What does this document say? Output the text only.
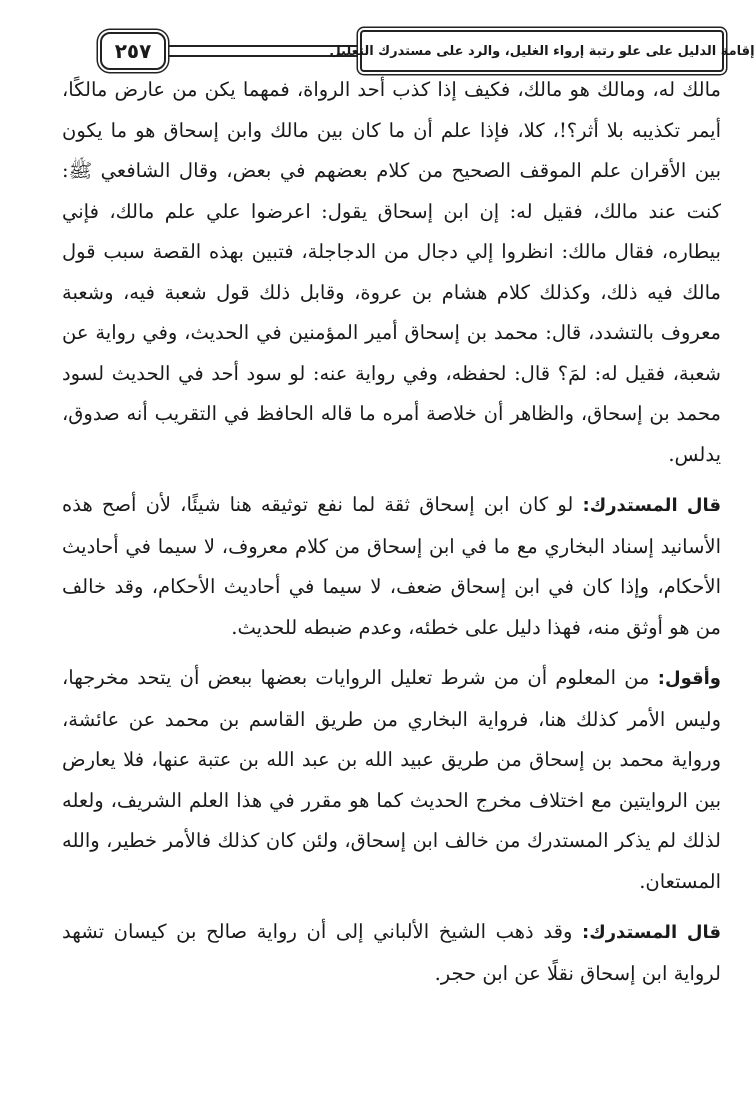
٢٥٧	إقامة الدليل على علو رتبة إرواء الغليل، والرد على مستدرك التعليل

مالك له، ومالك هو مالك، فكيف إذا كذب أحد الرواة، فمهما يكن من عارض مالكًا، أيمر تكذيبه بلا أثر؟!، كلا، فإذا علم أن ما كان بين مالك وابن إسحاق هو ما يكون بين الأقران علم الموقف الصحيح من كلام بعضهم في بعض، وقال الشافعي ﷺ: كنت عند مالك، فقيل له: إن ابن إسحاق يقول: اعرضوا علي علم مالك، فإني بيطاره، فقال مالك: انظروا إلي دجال من الدجاجلة، فتبين بهذه القصة سبب قول مالك فيه ذلك، وكذلك كلام هشام بن عروة، وقابل ذلك قول شعبة فيه، وشعبة معروف بالتشدد، قال: محمد بن إسحاق أمير المؤمنين في الحديث، وفي رواية عن شعبة، فقيل له: لمَ؟ قال: لحفظه، وفي رواية عنه: لو سود أحد في الحديث لسود محمد بن إسحاق، والظاهر أن خلاصة أمره ما قاله الحافظ في التقريب أنه صدوق، يدلس.

قال المستدرك: لو كان ابن إسحاق ثقة لما نفع توثيقه هنا شيئًا، لأن أصح هذه الأسانيد إسناد البخاري مع ما في ابن إسحاق من كلام معروف، لا سيما في أحاديث الأحكام، وإذا كان في ابن إسحاق ضعف، لا سيما في أحاديث الأحكام، وقد خالف من هو أوثق منه، فهذا دليل على خطئه، وعدم ضبطه للحديث.

وأقول: من المعلوم أن من شرط تعليل الروايات بعضها ببعض أن يتحد مخرجها، وليس الأمر كذلك هنا، فرواية البخاري من طريق القاسم بن محمد عن عائشة، ورواية محمد بن إسحاق من طريق عبيد الله بن عبد الله بن عتبة عنها، فلا يعارض بين الروايتين مع اختلاف مخرج الحديث كما هو مقرر في هذا العلم الشريف، ولعله لذلك لم يذكر المستدرك من خالف ابن إسحاق، ولئن كان كذلك فالأمر خطير، والله المستعان.

قال المستدرك: وقد ذهب الشيخ الألباني إلى أن رواية صالح بن كيسان تشهد لرواية ابن إسحاق نقلًا عن ابن حجر.
